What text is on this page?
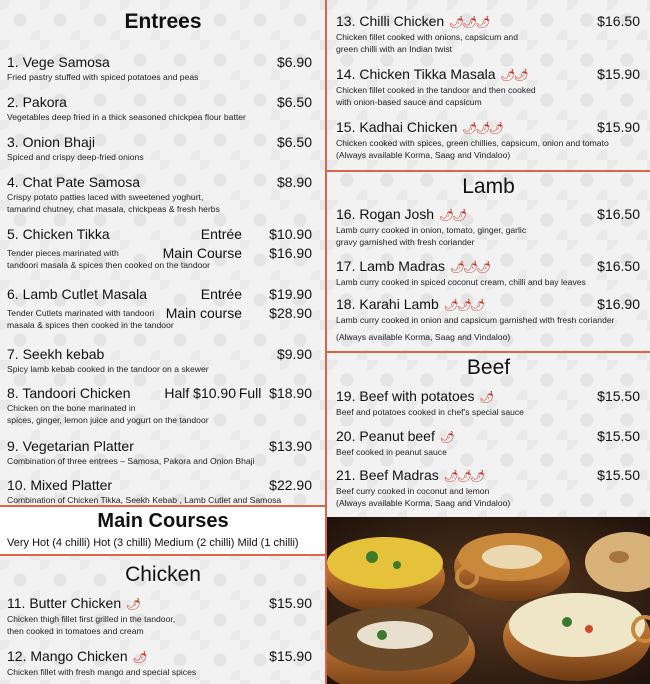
Entrees
1. Vege Samosa	$6.90
Fried pastry stuffed with spiced potatoes and peas
2. Pakora	$6.50
Vegetables deep fried in a thick seasoned chickpea flour batter
3. Onion Bhaji	$6.50
Spiced and crispy deep-fried onions
4. Chat Pate Samosa	$8.90
Crispy potato patties laced with sweetened yoghurt,
tamarind chutney, chat masala, chickpeas & fresh herbs
5. Chicken Tikka	Entrée $10.90
Tender pieces marinated with	Main Course $16.90
tandoori masala & spices then cooked on the tandoor
6. Lamb Cutlet Masala	Entrée $19.90
Tender Cutlets marinated with tandoori Main course $28.90
masala & spices then cooked in the tandoor
7. Seekh kebab	$9.90
Spicy lamb kebab cooked in the tandoor on a skewer
8. Tandoori Chicken	Half $10.90 Full  $18.90
Chicken on the bone marinated in
spices, ginger, lemon juice and yogurt on the tandoor
9. Vegetarian Platter	$13.90
Combination of three entrees – Samosa, Pakora and Onion Bhaji
10. Mixed Platter	$22.90
Combination of Chicken Tikka, Seekh Kebab , Lamb Cutlet and Samosa
Main Courses
Very Hot (4 chilli) Hot (3 chilli) Medium (2 chilli) Mild (1 chilli)
Chicken
11. Butter Chicken 🌶	$15.90
Chicken thigh fillet first grilled in the tandoor,
then cooked in tomatoes and cream
12. Mango Chicken 🌶	$15.90
Chicken fillet with fresh mango and special spices
13. Chilli Chicken 🌶🌶🌶	$16.50
Chicken fillet cooked with onions, capsicum and
green chilli with an Indian twist
14. Chicken Tikka Masala 🌶🌶	$15.90
Chicken fillet cooked in the tandoor and then cooked
with onion-based sauce and capsicum
15. Kadhai Chicken 🌶🌶🌶	$15.90
Chicken cooked with spices, green chillies, capsicum, onion and tomato
(Always available Korma, Saag and Vindaloo)
Lamb
16. Rogan Josh 🌶🌶	$16.50
Lamb curry cooked in onion, tomato, ginger, garlic
gravy garnished with fresh coriander
17. Lamb Madras 🌶🌶🌶	$16.50
Lamb curry cooked in spiced coconut cream, chilli and bay leaves
18. Karahi Lamb 🌶🌶🌶	$16.90
Lamb curry cooked in onion and capsicum garnished with fresh coriander
(Always available Korma, Saag and Vindaloo)
Beef
19. Beef with potatoes 🌶	$15.50
Beef and potatoes cooked in chef's special sauce
20. Peanut beef 🌶	$15.50
Beef cooked in peanut sauce
21. Beef Madras 🌶🌶🌶	$15.50
Beef curry cooked in coconut and lemon
(Always available Korma, Saag and Vindaloo)
